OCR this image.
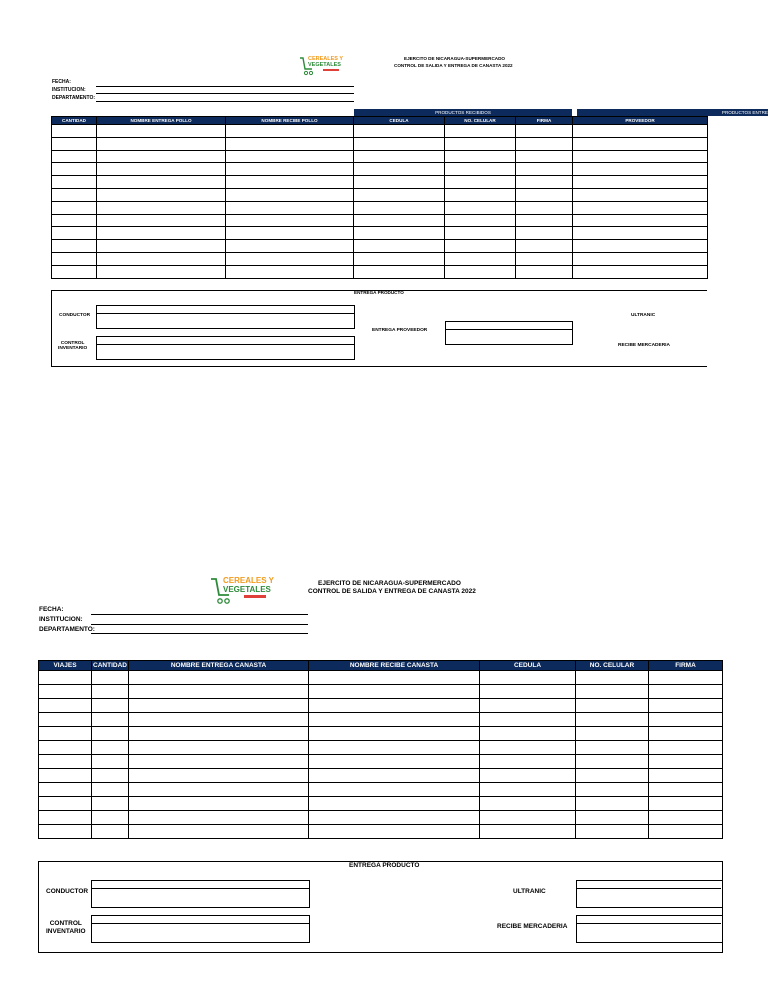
CEREALES Y
VEGETALES
EJERCITO DE NICARAGUA-SUPERMERCADO
CONTROL DE SALIDA Y ENTREGA DE CANASTA 2022
FECHA:
INSTITUCION:
DEPARTAMENTO:
PRODUCTOS RECIBIDOS	PRODUCTOS ENTRE
CANTIDAD	NOMBRE ENTREGA POLLO	NOMBRE RECIBE POLLO	CEDULA	NO. CELULAR	FIRMA	PROVEEDOR

ENTREGA PRODUCTO
CONDUCTOR
CONTROL
INVENTARIO
ENTREGA PROVEEDOR
ULTRANIC
RECIBE MERCADERIA
CEREALES Y
VEGETALES
EJERCITO DE NICARAGUA-SUPERMERCADO
CONTROL DE SALIDA Y ENTREGA DE CANASTA 2022
FECHA:
INSTITUCION:
DEPARTAMENTO:
VIAJES	CANTIDAD	NOMBRE ENTREGA CANASTA	NOMBRE RECIBE CANASTA	CEDULA	NO. CELULAR	FIRMA

ENTREGA PRODUCTO
CONDUCTOR
CONTROL
INVENTARIO
ULTRANIC
RECIBE MERCADERIA
